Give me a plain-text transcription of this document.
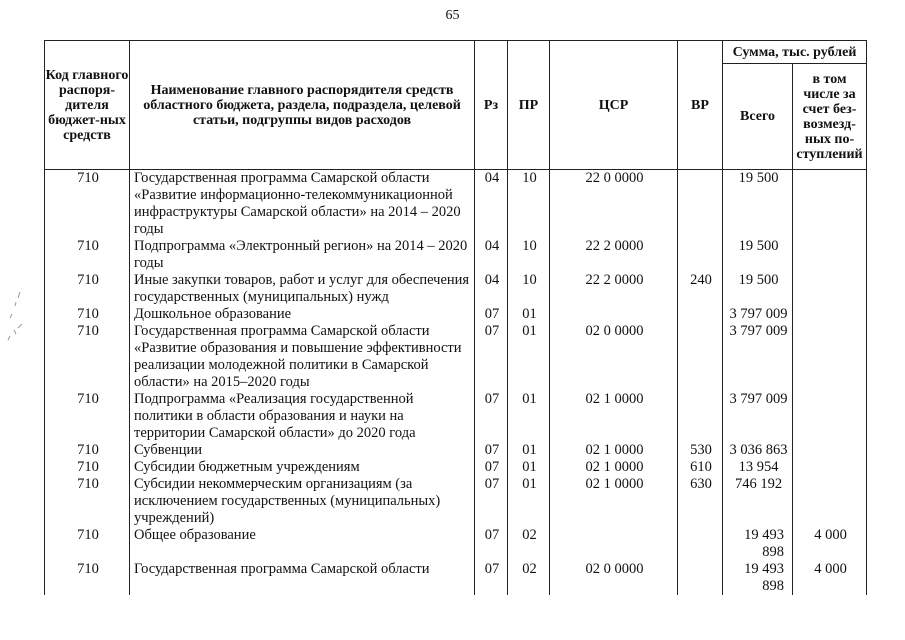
65
Код главного распоря-дителя бюджет-ных средств	Наименование главного распорядителя средств областного бюджета, раздела, подраздела, целевой статьи, подгруппы видов расходов	Рз	ПР	ЦСР	ВР	Сумма, тыс. рублей	
						Всего	в том числе за счет без-возмезд-ных по-ступлений
710	Государственная программа Самарской области «Развитие информационно-телекоммуникационной инфраструктуры Самарской области» на 2014 – 2020 годы	04	10	22 0 0000		19 500	
710	Подпрограмма «Электронный регион» на 2014 – 2020 годы	04	10	22 2 0000		19 500	
710	Иные закупки товаров, работ и услуг для обеспечения государственных (муниципальных) нужд	04	10	22 2 0000	240	19 500	
710	Дошкольное образование	07	01			3 797 009	
710	Государственная программа Самарской области «Развитие образования и повышение эффективности реализации молодежной политики в Самарской области» на 2015–2020 годы	07	01	02 0 0000		3 797 009	
710	Подпрограмма «Реализация государственной политики в области образования и науки на территории Самарской области» до 2020 года	07	01	02 1 0000		3 797 009	
710	Субвенции	07	01	02 1 0000	530	3 036 863	
710	Субсидии бюджетным учреждениям	07	01	02 1 0000	610	13 954	
710	Субсидии некоммерческим организациям (за исключением государственных (муниципальных) учреждений)	07	01	02 1 0000	630	746 192	
710	Общее образование	07	02			19 493 898	4 000
710	Государственная программа Самарской области	07	02	02 0 0000		19 493 898	4 000
